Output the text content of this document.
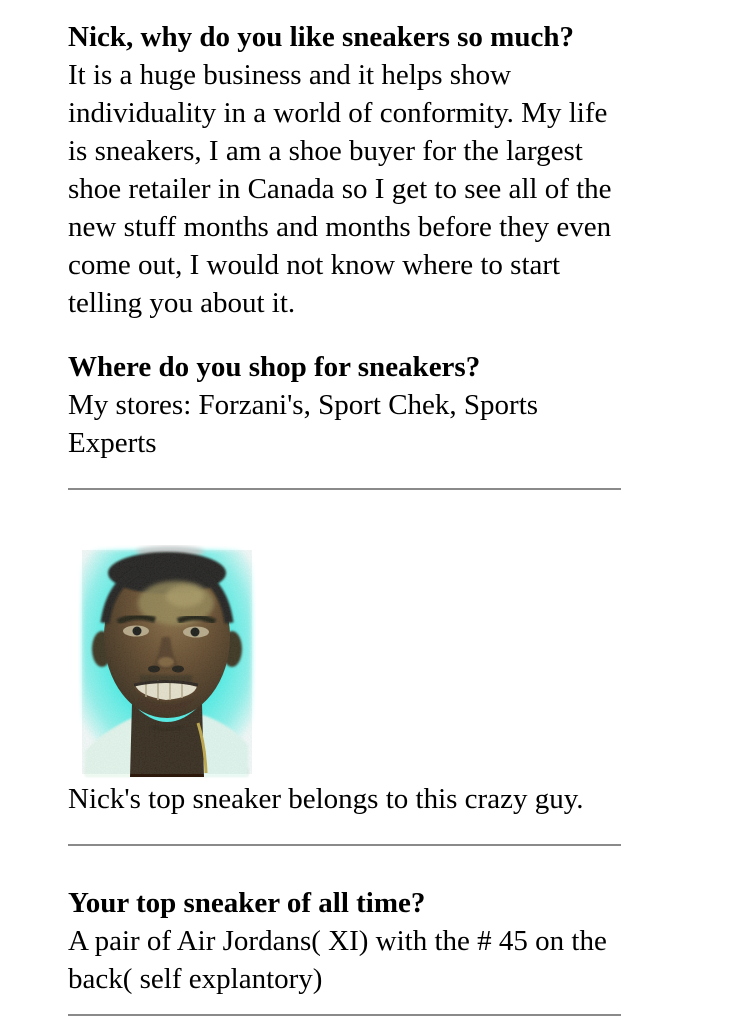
Nick, why do you like sneakers so much?
It is a huge business and it helps show individuality in a world of conformity. My life is sneakers, I am a shoe buyer for the largest shoe retailer in Canada so I get to see all of the new stuff months and months before they even come out, I would not know where to start telling you about it.

Where do you shop for sneakers?
My stores: Forzani's, Sport Chek, Sports Experts

Nick's top sneaker belongs to this crazy guy.

Your top sneaker of all time?
A pair of Air Jordans( XI) with the # 45 on the back( self explantory)
